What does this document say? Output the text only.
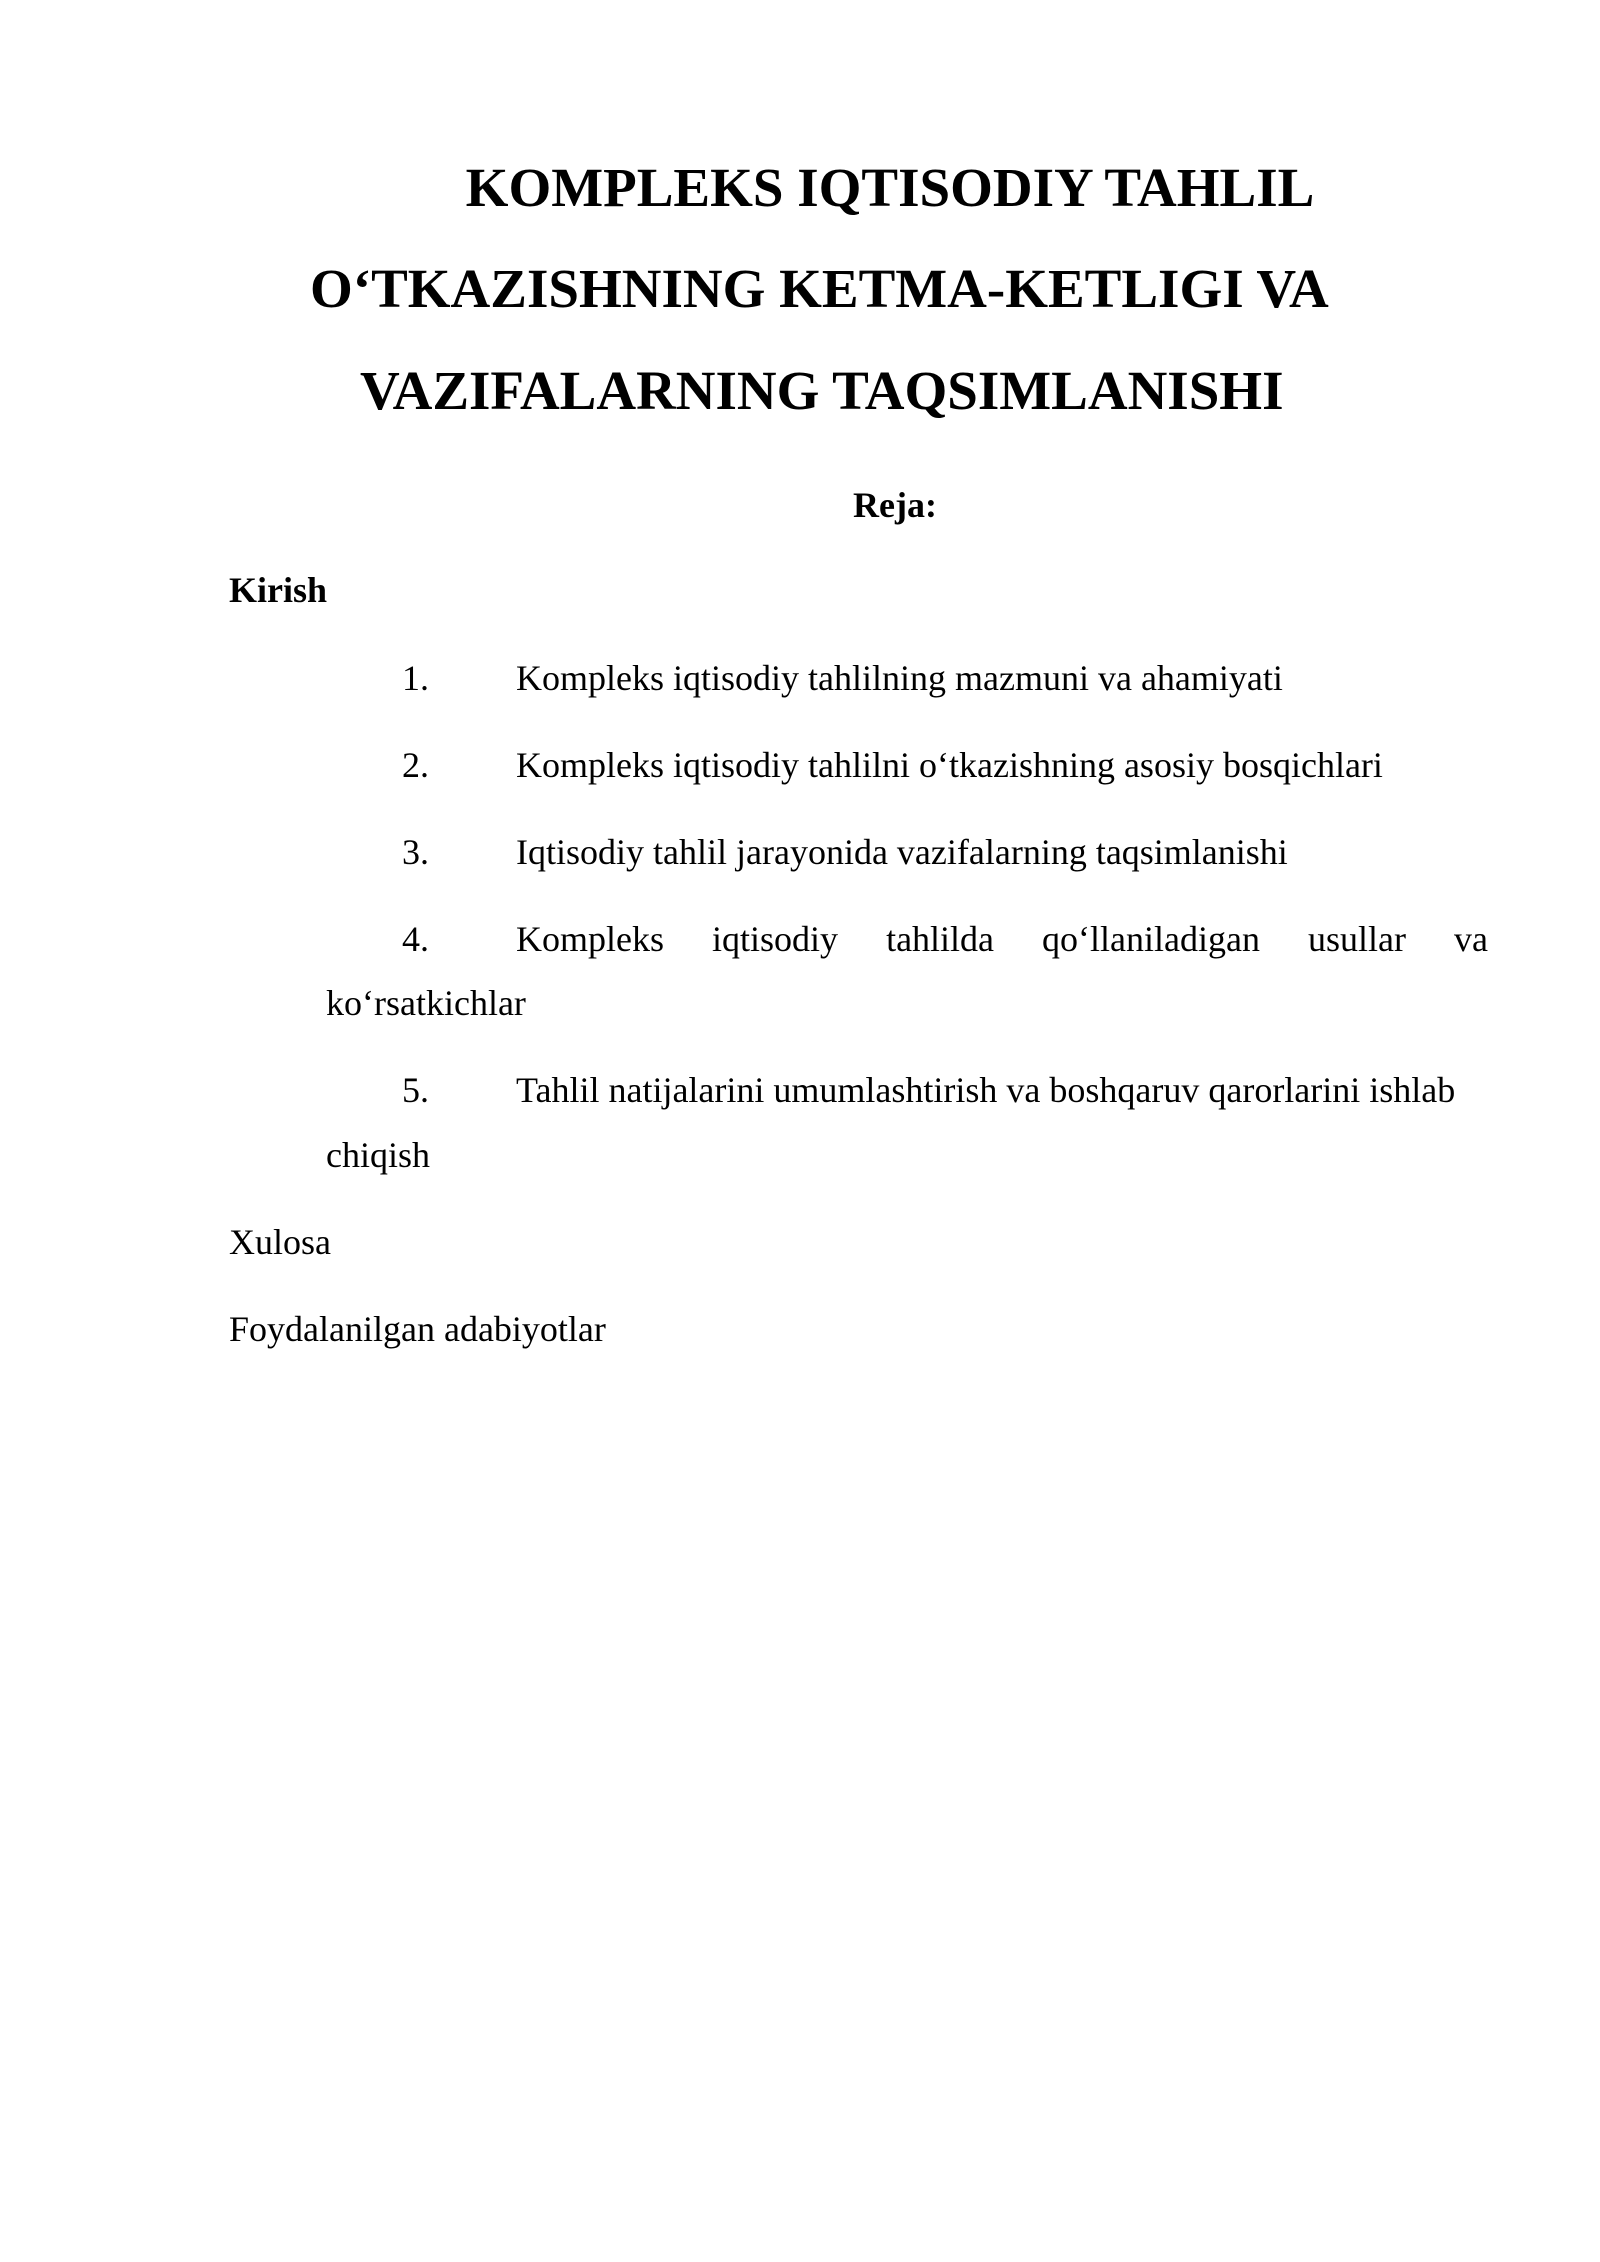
KOMPLEKS IQTISODIY TAHLIL
O‘TKAZISHNING KETMA-KETLIGI VA
VAZIFALARNING TAQSIMLANISHI
Reja:
Kirish
1. Kompleks iqtisodiy tahlilning mazmuni va ahamiyati
2. Kompleks iqtisodiy tahlilni o‘tkazishning asosiy bosqichlari
3. Iqtisodiy tahlil jarayonida vazifalarning taqsimlanishi
4. Kompleks iqtisodiy tahlilda qo‘llaniladigan usullar va
ko‘rsatkichlar
5. Tahlil natijalarini umumlashtirish va boshqaruv qarorlarini ishlab
chiqish
Xulosa
Foydalanilgan adabiyotlar
